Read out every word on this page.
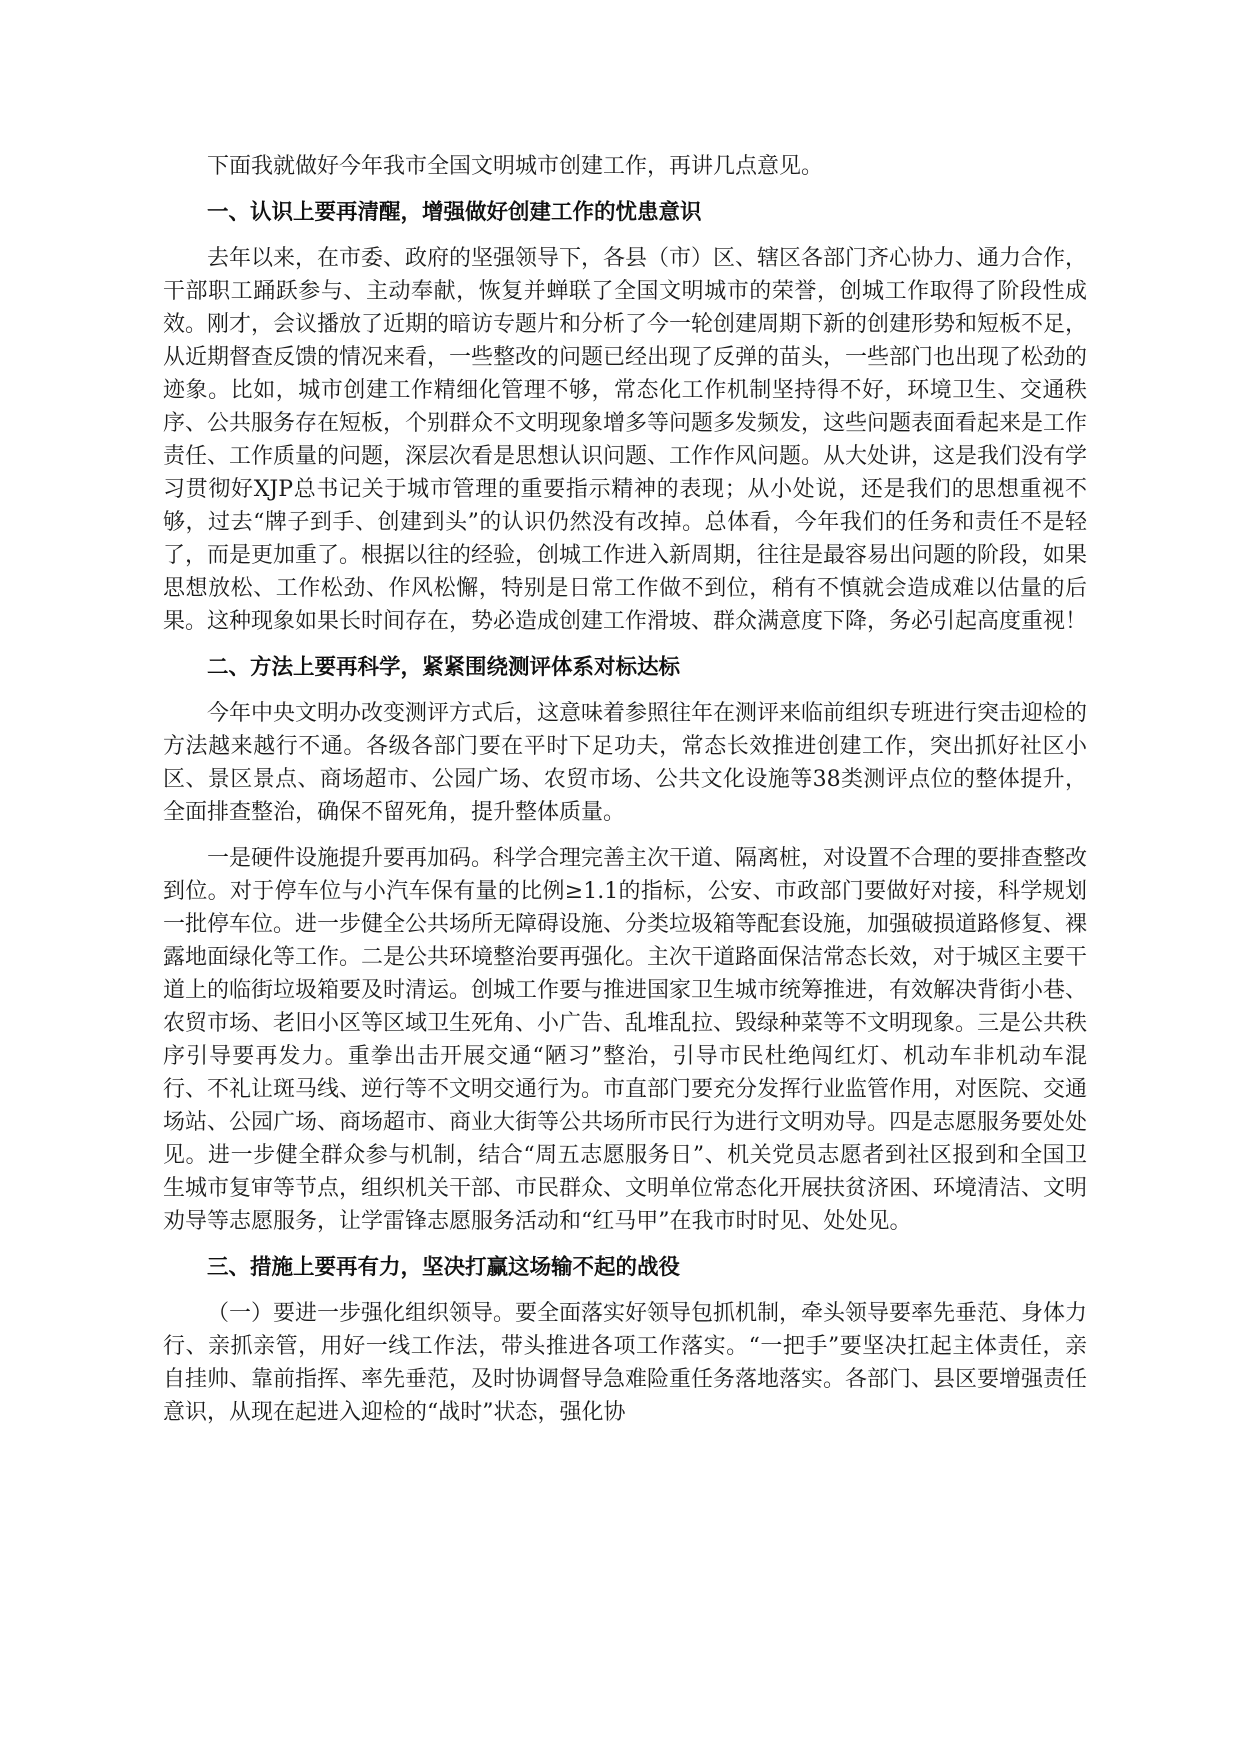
下面我就做好今年我市全国文明城市创建工作，再讲几点意见。

一、认识上要再清醒，增强做好创建工作的忧患意识

去年以来，在市委、政府的坚强领导下，各县（市）区、辖区各部门齐心协力、通力合作，干部职工踊跃参与、主动奉献，恢复并蝉联了全国文明城市的荣誉，创城工作取得了阶段性成效。刚才，会议播放了近期的暗访专题片和分析了今一轮创建周期下新的创建形势和短板不足，从近期督查反馈的情况来看，一些整改的问题已经出现了反弹的苗头，一些部门也出现了松劲的迹象。比如，城市创建工作精细化管理不够，常态化工作机制坚持得不好，环境卫生、交通秩序、公共服务存在短板，个别群众不文明现象增多等问题多发频发，这些问题表面看起来是工作责任、工作质量的问题，深层次看是思想认识问题、工作作风问题。从大处讲，这是我们没有学习贯彻好XJP总书记关于城市管理的重要指示精神的表现；从小处说，还是我们的思想重视不够，过去“牌子到手、创建到头”的认识仍然没有改掉。总体看，今年我们的任务和责任不是轻了，而是更加重了。根据以往的经验，创城工作进入新周期，往往是最容易出问题的阶段，如果思想放松、工作松劲、作风松懈，特别是日常工作做不到位，稍有不慎就会造成难以估量的后果。这种现象如果长时间存在，势必造成创建工作滑坡、群众满意度下降，务必引起高度重视！

二、方法上要再科学，紧紧围绕测评体系对标达标

今年中央文明办改变测评方式后，这意味着参照往年在测评来临前组织专班进行突击迎检的方法越来越行不通。各级各部门要在平时下足功夫，常态长效推进创建工作，突出抓好社区小区、景区景点、商场超市、公园广场、农贸市场、公共文化设施等38类测评点位的整体提升，全面排查整治，确保不留死角，提升整体质量。

一是硬件设施提升要再加码。科学合理完善主次干道、隔离桩，对设置不合理的要排查整改到位。对于停车位与小汽车保有量的比例≥1.1的指标，公安、市政部门要做好对接，科学规划一批停车位。进一步健全公共场所无障碍设施、分类垃圾箱等配套设施，加强破损道路修复、裸露地面绿化等工作。二是公共环境整治要再强化。主次干道路面保洁常态长效，对于城区主要干道上的临街垃圾箱要及时清运。创城工作要与推进国家卫生城市统筹推进，有效解决背街小巷、农贸市场、老旧小区等区域卫生死角、小广告、乱堆乱拉、毁绿种菜等不文明现象。三是公共秩序引导要再发力。重拳出击开展交通“陋习”整治，引导市民杜绝闯红灯、机动车非机动车混行、不礼让斑马线、逆行等不文明交通行为。市直部门要充分发挥行业监管作用，对医院、交通场站、公园广场、商场超市、商业大街等公共场所市民行为进行文明劝导。四是志愿服务要处处见。进一步健全群众参与机制，结合“周五志愿服务日”、机关党员志愿者到社区报到和全国卫生城市复审等节点，组织机关干部、市民群众、文明单位常态化开展扶贫济困、环境清洁、文明劝导等志愿服务，让学雷锋志愿服务活动和“红马甲”在我市时时见、处处见。

三、措施上要再有力，坚决打赢这场输不起的战役

（一）要进一步强化组织领导。要全面落实好领导包抓机制，牵头领导要率先垂范、身体力行、亲抓亲管，用好一线工作法，带头推进各项工作落实。“一把手”要坚决扛起主体责任，亲自挂帅、靠前指挥、率先垂范，及时协调督导急难险重任务落地落实。各部门、县区要增强责任意识，从现在起进入迎检的“战时”状态，强化协
